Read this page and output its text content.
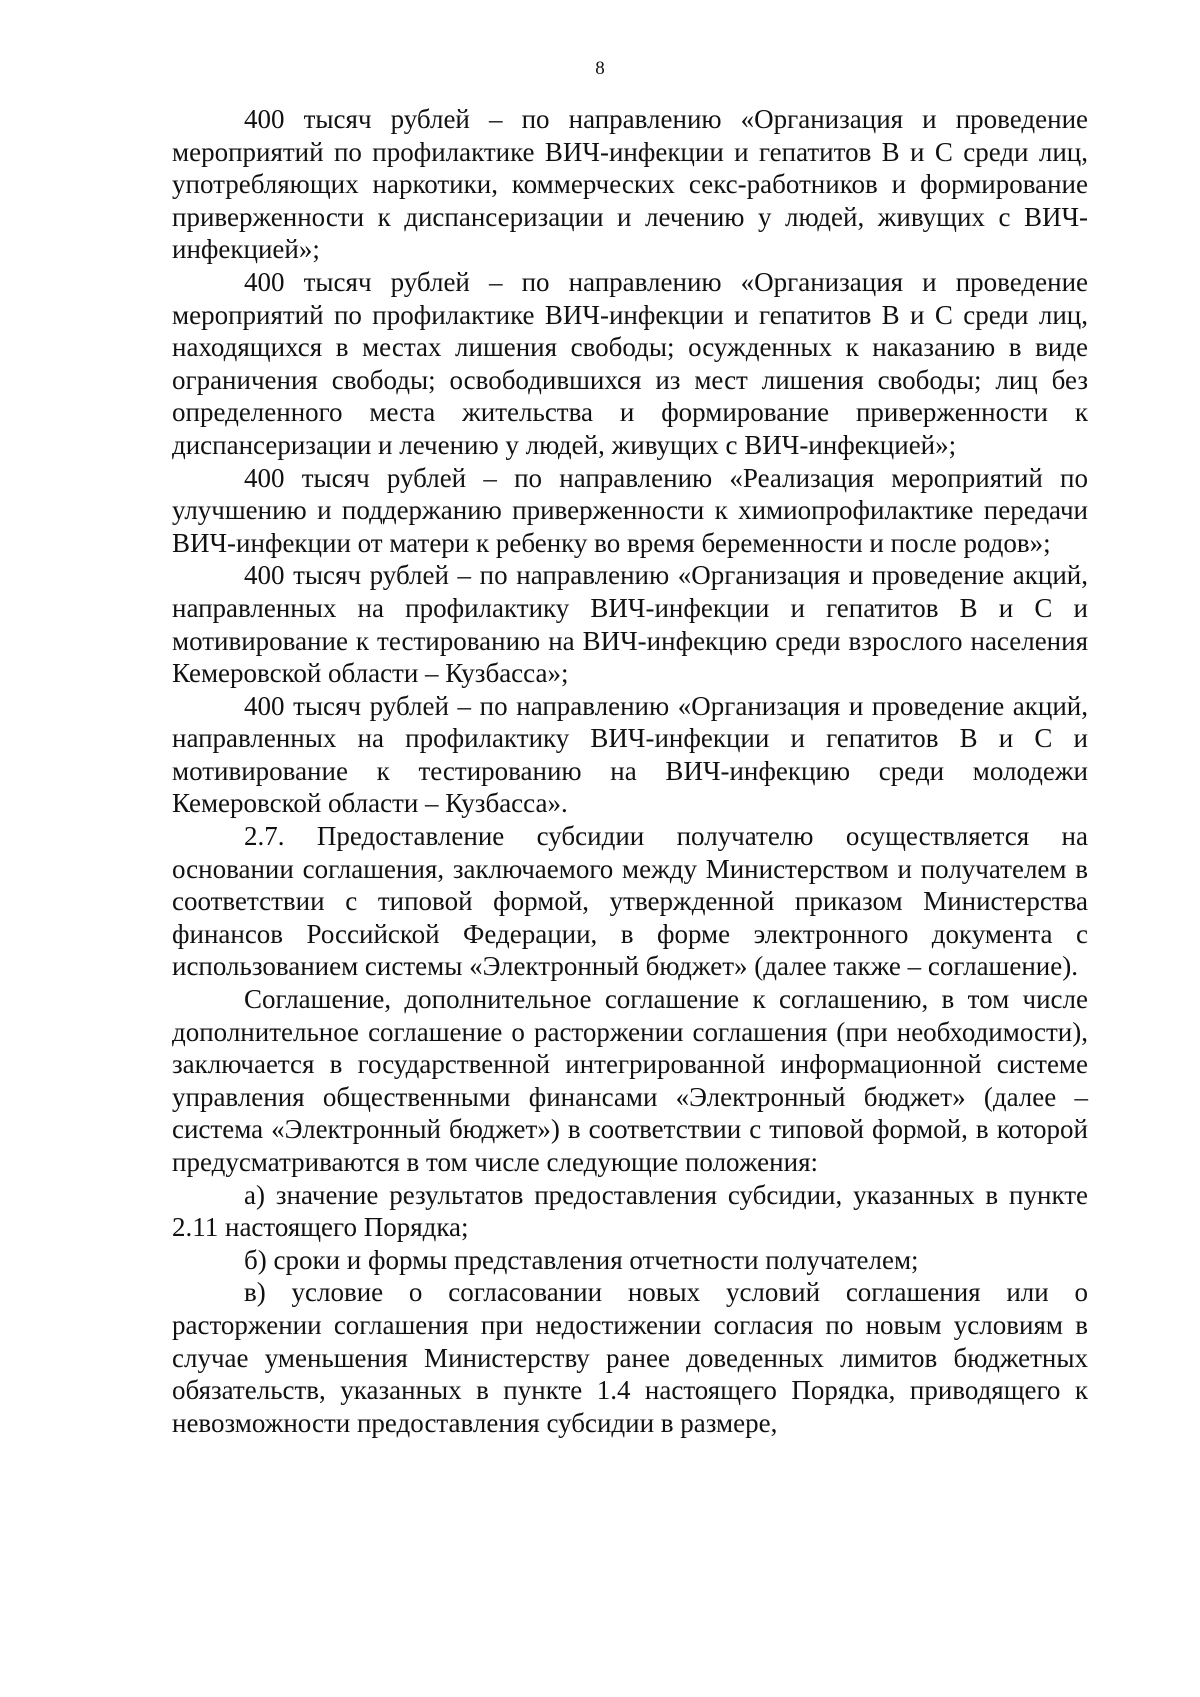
8

400 тысяч рублей – по направлению «Организация и проведение мероприятий по профилактике ВИЧ-инфекции и гепатитов В и С среди лиц, употребляющих наркотики, коммерческих секс-работников и формирование приверженности к диспансеризации и лечению у людей, живущих с ВИЧ-инфекцией»;

400 тысяч рублей – по направлению «Организация и проведение мероприятий по профилактике ВИЧ-инфекции и гепатитов В и С среди лиц, находящихся в местах лишения свободы; осужденных к наказанию в виде ограничения свободы; освободившихся из мест лишения свободы; лиц без определенного места жительства и формирование приверженности к диспансеризации и лечению у людей, живущих с ВИЧ-инфекцией»;

400 тысяч рублей – по направлению «Реализация мероприятий по улучшению и поддержанию приверженности к химиопрофилактике передачи ВИЧ-инфекции от матери к ребенку во время беременности и после родов»;

400 тысяч рублей – по направлению «Организация и проведение акций, направленных на профилактику ВИЧ-инфекции и гепатитов В и С и мотивирование к тестированию на ВИЧ-инфекцию среди взрослого населения Кемеровской области – Кузбасса»;

400 тысяч рублей – по направлению «Организация и проведение акций, направленных на профилактику ВИЧ-инфекции и гепатитов В и С и мотивирование к тестированию на ВИЧ-инфекцию среди молодежи Кемеровской области – Кузбасса».

2.7. Предоставление субсидии получателю осуществляется на основании соглашения, заключаемого между Министерством и получателем в соответствии с типовой формой, утвержденной приказом Министерства финансов Российской Федерации, в форме электронного документа с использованием системы «Электронный бюджет» (далее также – соглашение).

Соглашение, дополнительное соглашение к соглашению, в том числе дополнительное соглашение о расторжении соглашения (при необходимости), заключается в государственной интегрированной информационной системе управления общественными финансами «Электронный бюджет» (далее – система «Электронный бюджет») в соответствии с типовой формой, в которой предусматриваются в том числе следующие положения:

а) значение результатов предоставления субсидии, указанных в пункте 2.11 настоящего Порядка;

б) сроки и формы представления отчетности получателем;

в) условие о согласовании новых условий соглашения или о расторжении соглашения при недостижении согласия по новым условиям в случае уменьшения Министерству ранее доведенных лимитов бюджетных обязательств, указанных в пункте 1.4 настоящего Порядка, приводящего к невозможности предоставления субсидии в размере,
